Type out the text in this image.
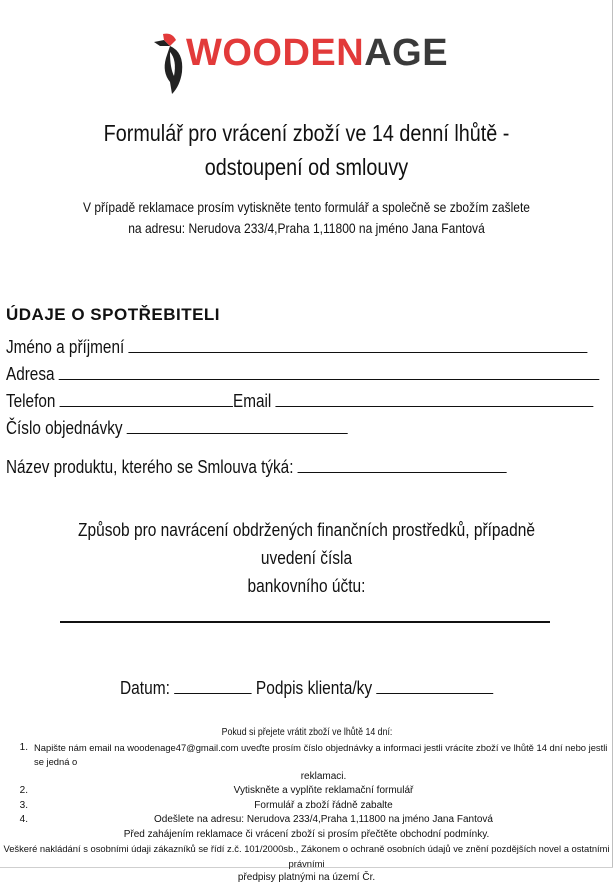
WOODENAGE
Formulář pro vrácení zboží ve 14 denní lhůtě -
odstoupení od smlouvy
V případě reklamace prosím vytiskněte tento formulář a společně se zbožím zašlete
na adresu: Nerudova 233/4,Praha 1,11800 na jméno Jana Fantová
ÚDAJE O SPOTŘEBITELI
Jméno a příjmení
Adresa
Telefon	Email
Číslo objednávky
Název produktu, kterého se Smlouva týká:
Způsob pro navrácení obdržených finančních prostředků, případně uvedení čísla
bankovního účtu:
Datum:	Podpis klienta/ky
Pokud si přejete vrátit zboží ve lhůtě 14 dní:
1. Napište nám email na woodenage47@gmail.com uveďte prosím číslo objednávky a informaci jestli vrácíte zboží ve lhůtě 14 dní nebo jestli se jedná o
reklamaci.
2.	Vytiskněte a vyplňte reklamační formulář
3.	Formulář a zboží řádně zabalte
4.	Odešlete na adresu: Nerudova 233/4,Praha 1,11800 na jméno Jana Fantová
Před zahájením reklamace či vrácení zboží si prosím přečtěte obchodní podmínky.
Veškeré nakládání s osobními údaji zákazníků se řídí z.č. 101/2000sb., Zákonem o ochraně osobních údajů ve znění pozdějších novel a ostatními právními
předpisy platnými na území Čr.
